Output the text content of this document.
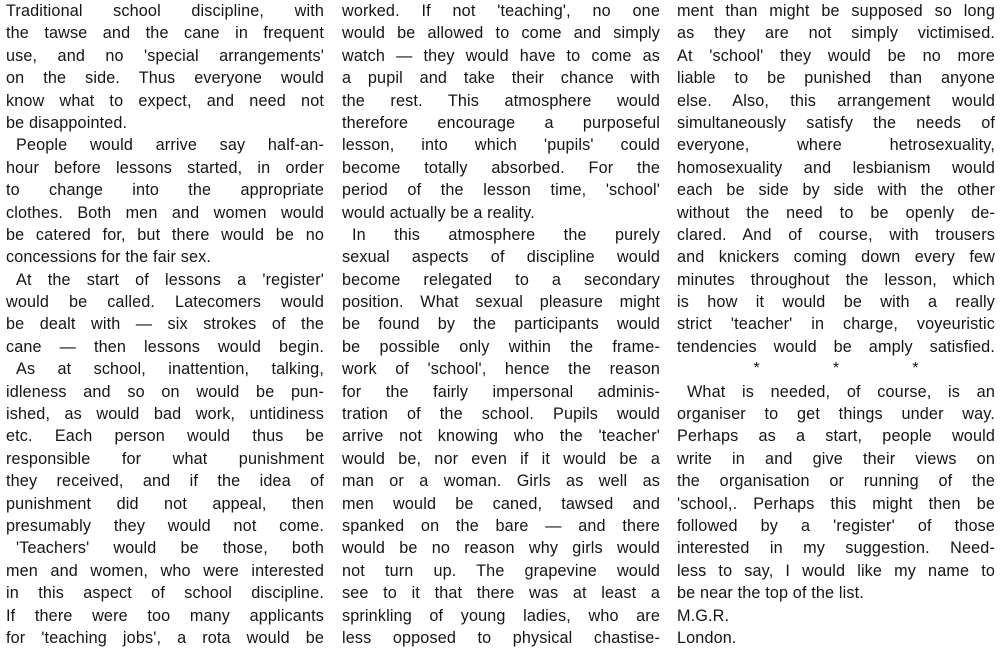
Traditional school discipline, with
the tawse and the cane in frequent
use, and no 'special arrangements'
on the side. Thus everyone would
know what to expect, and need not
be disappointed.
People would arrive say half-an-
hour before lessons started, in order
to change into the appropriate
clothes. Both men and women would
be catered for, but there would be no
concessions for the fair sex.
At the start of lessons a 'register'
would be called. Latecomers would
be dealt with — six strokes of the
cane — then lessons would begin.
As at school, inattention, talking,
idleness and so on would be pun-
ished, as would bad work, untidiness
etc. Each person would thus be
responsible for what punishment
they received, and if the idea of
punishment did not appeal, then
presumably they would not come.
'Teachers' would be those, both
men and women, who were interested
in this aspect of school discipline.
If there were too many applicants
for 'teaching jobs', a rota would be
worked. If not 'teaching', no one
would be allowed to come and simply
watch — they would have to come as
a pupil and take their chance with
the rest. This atmosphere would
therefore encourage a purposeful
lesson, into which 'pupils' could
become totally absorbed. For the
period of the lesson time, 'school'
would actually be a reality.
In this atmosphere the purely
sexual aspects of discipline would
become relegated to a secondary
position. What sexual pleasure might
be found by the participants would
be possible only within the frame-
work of 'school', hence the reason
for the fairly impersonal adminis-
tration of the school. Pupils would
arrive not knowing who the 'teacher'
would be, nor even if it would be a
man or a woman. Girls as well as
men would be caned, tawsed and
spanked on the bare — and there
would be no reason why girls would
not turn up. The grapevine would
see to it that there was at least a
sprinkling of young ladies, who are
less opposed to physical chastise-
ment than might be supposed so long
as they are not simply victimised.
At 'school' they would be no more
liable to be punished than anyone
else. Also, this arrangement would
simultaneously satisfy the needs of
everyone, where hetrosexuality,
homosexuality and lesbianism would
each be side by side with the other
without the need to be openly de-
clared. And of course, with trousers
and knickers coming down every few
minutes throughout the lesson, which
is how it would be with a really
strict 'teacher' in charge, voyeuristic
tendencies would be amply satisfied.
*	*	*
What is needed, of course, is an
organiser to get things under way.
Perhaps as a start, people would
write in and give their views on
the organisation or running of the
'school,. Perhaps this might then be
followed by a 'register' of those
interested in my suggestion. Need-
less to say, I would like my name to
be near the top of the list.
M.G.R.
London.
